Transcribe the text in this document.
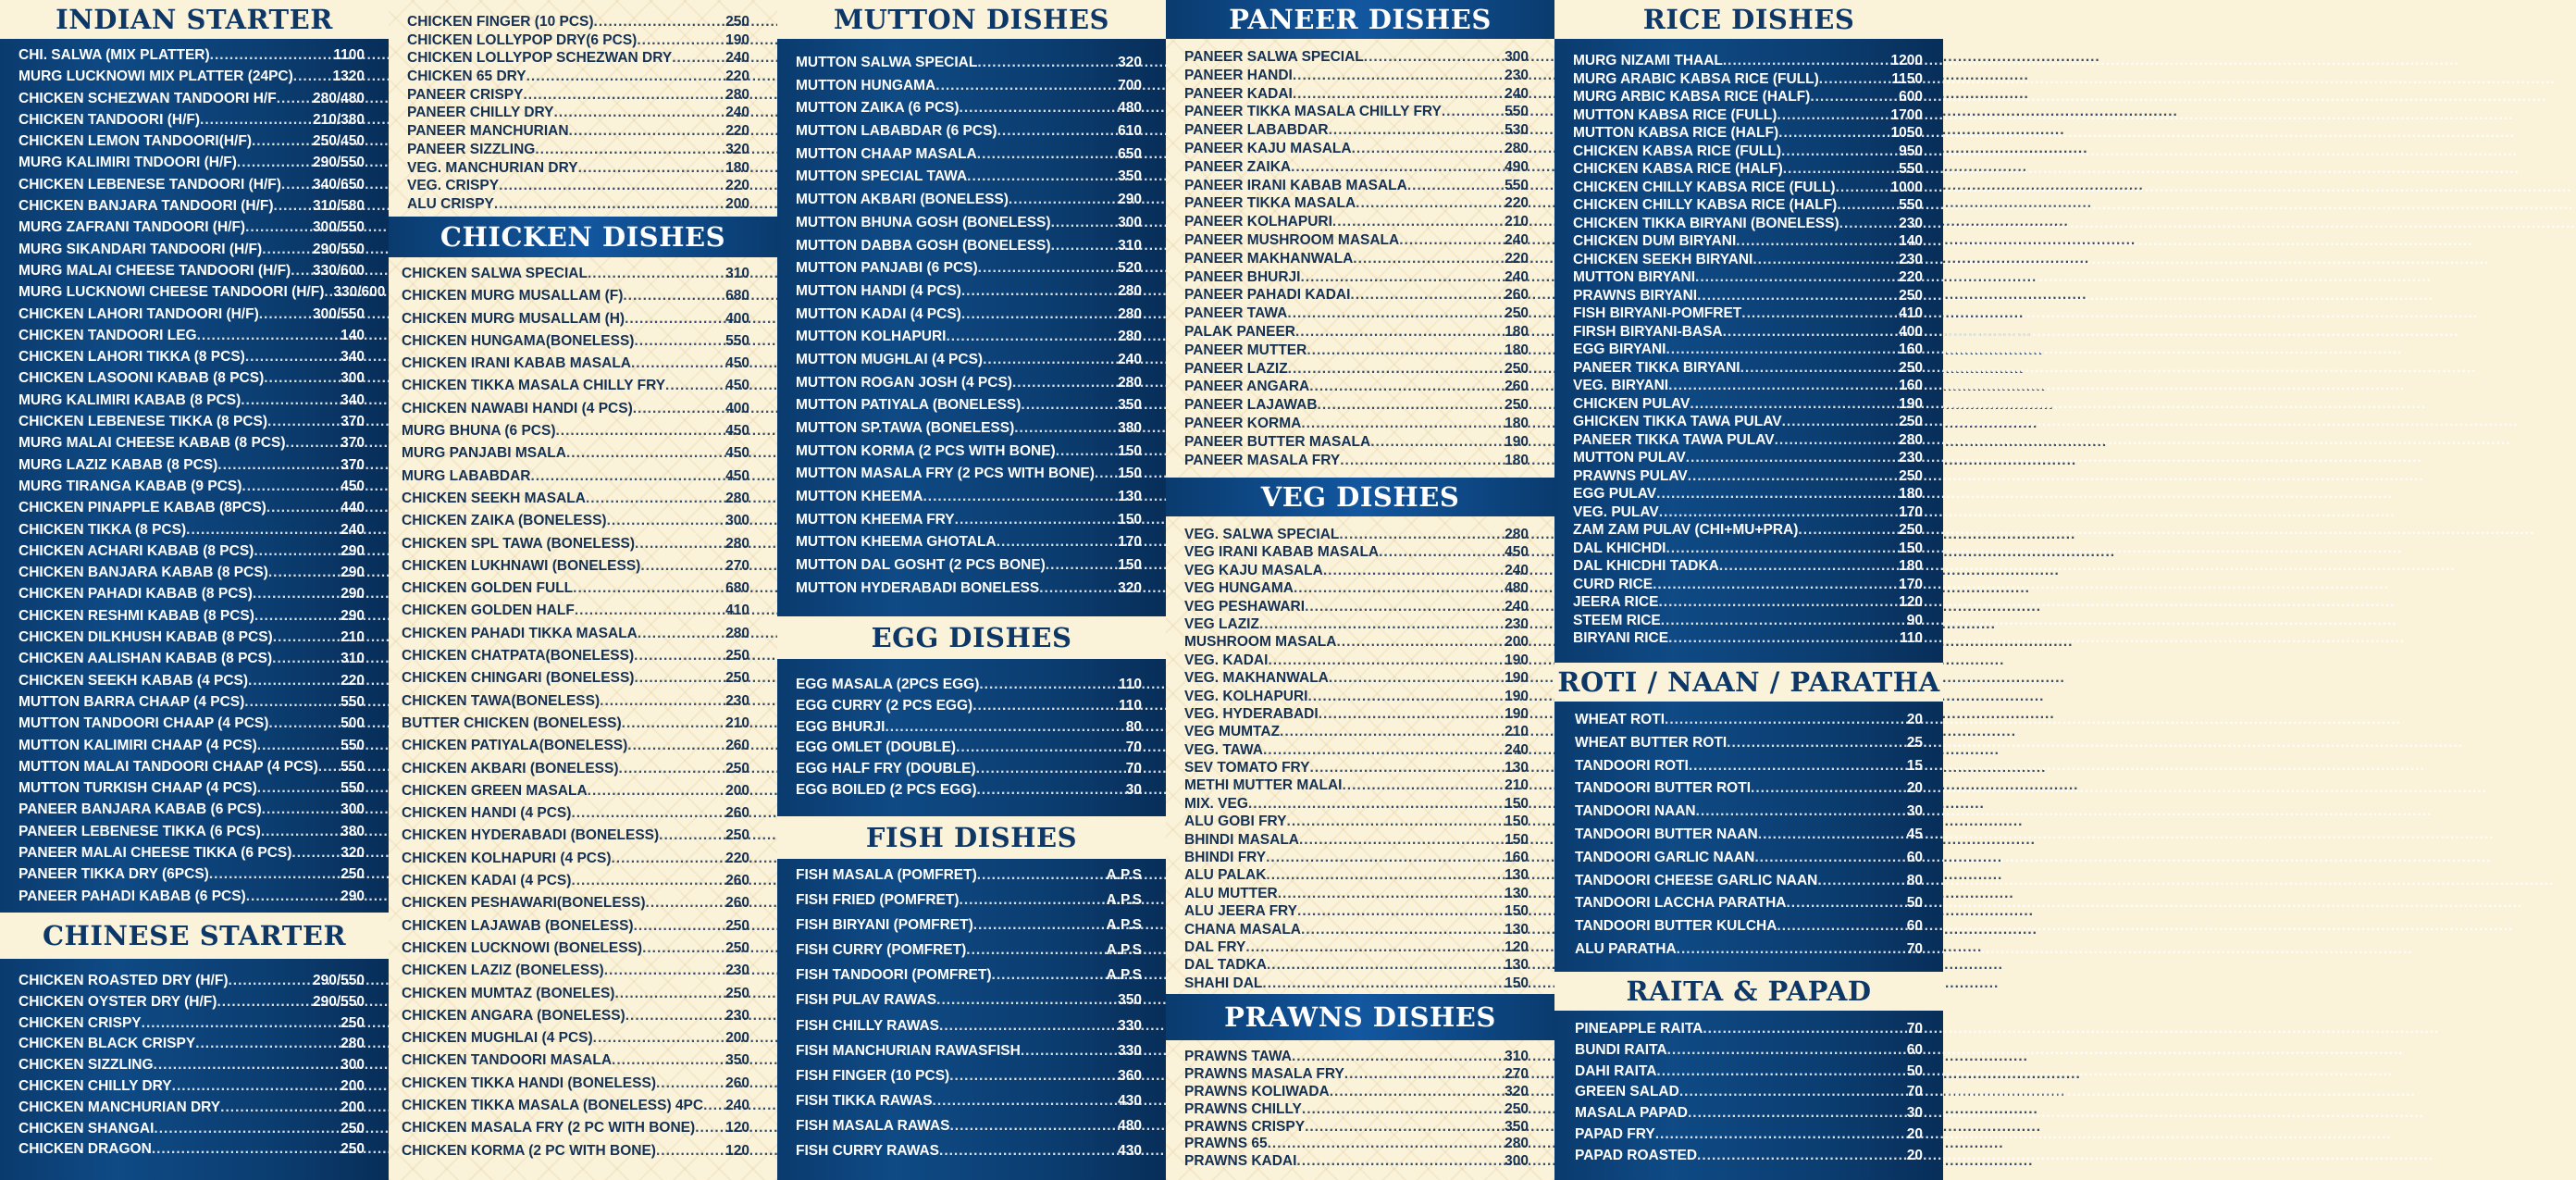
INDIAN STARTER
CHI. SALWA (MIX PLATTER) .....	1100
MURG LUCKNOWI MIX PLATTER (24PC) .....	1320
CHICKEN SCHEZWAN TANDOORI H/F .....	280/480
CHICKEN TANDOORI (H/F) .....	210/380
CHICKEN LEMON TANDOORI(H/F) .....	250/450
MURG KALIMIRI TNDOORI (H/F) .....	290/550
CHICKEN LEBENESE TANDOORI (H/F) ..... 340/650
CHICKEN BANJARA TANDOORI (H/F) .....	310/580
MURG ZAFRANI TANDOORI (H/F) .....	300/550
MURG SIKANDARI TANDOORI (H/F) .....	290/550
MURG MALAI CHEESE TANDOORI (H/F) ..... 330/600
MURG LUCKNOWI CHEESE TANDOORI (H/F) ..... 330/600
CHICKEN LAHORI TANDOORI (H/F) .....	300/550
CHICKEN TANDOORI LEG .....	140
CHICKEN LAHORI TIKKA (8 PCS) .....	340
CHICKEN LASOONI KABAB (8 PCS) .....	300
MURG KALIMIRI KABAB (8 PCS) .....	340
CHICKEN LEBENESE TIKKA (8 PCS) .....	370
MURG MALAI CHEESE KABAB (8 PCS) .....	370
MURG LAZIZ KABAB (8 PCS) .....	370
MURG TIRANGA KABAB (9 PCS) .....	450
CHICKEN PINAPPLE KABAB (8PCS) .....	440
CHICKEN TIKKA (8 PCS) .....	240
CHICKEN ACHARI KABAB (8 PCS) .....	290
CHICKEN BANJARA KABAB (8 PCS) .....	290
CHICKEN PAHADI KABAB (8 PCS) .....	290
CHICKEN RESHMI KABAB (8 PCS) .....	290
CHICKEN DILKHUSH KABAB (8 PCS) .....	210
CHICKEN AALISHAN KABAB (8 PCS) .....	310
CHICKEN SEEKH KABAB (4 PCS) .....	220
MUTTON BARRA CHAAP (4 PCS) .....	550
MUTTON TANDOORI CHAAP (4 PCS) .....	500
MUTTON KALIMIRI CHAAP (4 PCS) .....	550
MUTTON MALAI TANDOORI CHAAP (4 PCS) ..... 550
MUTTON TURKISH CHAAP (4 PCS) .....	550
PANEER BANJARA KABAB (6 PCS) .....	300
PANEER LEBENESE TIKKA (6 PCS) .....	380
PANEER MALAI CHEESE TIKKA (6 PCS) .....	320
PANEER TIKKA DRY (6PCS) .....	250
PANEER PAHADI KABAB (6 PCS) .....	290
CHINESE STARTER
CHICKEN ROASTED DRY (H/F) .....	290/550
CHICKEN OYSTER DRY (H/F) .....	290/550
CHICKEN CRISPY .....	250
CHICKEN BLACK CRISPY .....	280
CHICKEN SIZZLING .....	300
CHICKEN CHILLY DRY .....	200
CHICKEN MANCHURIAN DRY .....	200
CHICKEN SHANGAI .....	250
CHICKEN DRAGON .....	250
CHICKEN FINGER (10 PCS) .....	250
CHICKEN LOLLYPOP DRY(6 PCS) .....	190
CHICKEN LOLLYPOP SCHEZWAN DRY .....	240
CHICKEN 65 DRY .....	220
PANEER CRISPY .....	280
PANEER CHILLY DRY .....	240
PANEER MANCHURIAN .....	220
PANEER SIZZLING .....	320
VEG. MANCHURIAN DRY .....	180
VEG. CRISPY .....	220
ALU CRISPY .....	200
CHICKEN DISHES
CHICKEN SALWA SPECIAL .....	310
CHICKEN MURG MUSALLAM (F) .....	680
CHICKEN MURG MUSALLAM (H) .....	400
CHICKEN HUNGAMA(BONELESS) .....	550
CHICKEN IRANI KABAB MASALA .....	450
CHICKEN TIKKA MASALA CHILLY FRY .....	450
CHICKEN NAWABI HANDI (4 PCS) .....	400
MURG BHUNA (6 PCS) .....	450
MURG PANJABI MSALA .....	450
MURG LABABDAR .....	450
CHICKEN SEEKH MASALA .....	280
CHICKEN ZAIKA (BONELESS) .....	300
CHICKEN SPL TAWA (BONELESS) .....	280
CHICKEN LUKHNAWI (BONELESS) .....	270
CHICKEN GOLDEN FULL .....	680
CHICKEN GOLDEN HALF .....	410
CHICKEN PAHADI TIKKA MASALA .....	280
CHICKEN CHATPATA(BONELESS) .....	250
CHICKEN CHINGARI (BONELESS) .....	250
CHICKEN TAWA(BONELESS) .....	230
BUTTER CHICKEN (BONELESS) .....	210
CHICKEN PATIYALA(BONELESS) .....	260
CHICKEN AKBARI (BONELESS) .....	250
CHICKEN GREEN MASALA .....	200
CHICKEN HANDI (4 PCS) .....	260
CHICKEN HYDERABADI (BONELESS) .....	250
CHICKEN KOLHAPURI (4 PCS) .....	220
CHICKEN KADAI (4 PCS) .....	260
CHICKEN PESHAWARI(BONELESS) .....	260
CHICKEN LAJAWAB (BONELESS) .....	250
CHICKEN LUCKNOWI (BONELESS) .....	250
CHICKEN LAZIZ (BONELESS) .....	230
CHICKEN MUMTAZ (BONELES) .....	250
CHICKEN ANGARA (BONELESS) .....	230
CHICKEN MUGHLAI (4 PCS) .....	200
CHICKEN TANDOORI MASALA .....	350
CHICKEN TIKKA HANDI (BONELESS) .....	260
CHICKEN TIKKA MASALA (BONELESS) 4PC ..... 240
CHICKEN MASALA FRY (2 PC WITH BONE) ..... 120
CHICKEN KORMA (2 PC WITH BONE) .....	120
MUTTON DISHES
MUTTON SALWA SPECIAL .....	320
MUTTON HUNGAMA .....	700
MUTTON ZAIKA (6 PCS) .....	480
MUTTON LABABDAR (6 PCS) .....	610
MUTTON CHAAP MASALA .....	650
MUTTON SPECIAL TAWA .....	350
MUTTON AKBARI (BONELESS) .....	290
MUTTON BHUNA GOSH (BONELESS) .....	300
MUTTON DABBA GOSH (BONELESS) .....	310
MUTTON PANJABI (6 PCS) .....	520
MUTTON HANDI (4 PCS) .....	280
MUTTON KADAI (4 PCS) .....	280
MUTTON KOLHAPURI .....	280
MUTTON MUGHLAI (4 PCS) .....	240
MUTTON ROGAN JOSH (4 PCS) .....	280
MUTTON PATIYALA (BONELESS) .....	350
MUTTON SP.TAWA (BONELESS) .....	380
MUTTON KORMA (2 PCS WITH BONE) .....	150
MUTTON MASALA FRY (2 PCS WITH BONE) ..... 150
MUTTON KHEEMA .....	130
MUTTON KHEEMA FRY .....	150
MUTTON KHEEMA GHOTALA .....	170
MUTTON DAL GOSHT (2 PCS BONE) .....	150
MUTTON HYDERABADI BONELESS .....	320
EGG DISHES
EGG MASALA (2PCS EGG) .....	110
EGG CURRY (2 PCS EGG) .....	110
EGG BHURJI .....	80
EGG OMLET (DOUBLE) .....	70
EGG HALF FRY (DOUBLE) .....	70
EGG BOILED (2 PCS EGG) .....	30
FISH DISHES
FISH MASALA (POMFRET) .....	A.P.S
FISH FRIED (POMFRET) .....	A.P.S
FISH BIRYANI (POMFRET) .....	A.P.S
FISH CURRY (POMFRET) .....	A.P.S
FISH TANDOORI (POMFRET) .....	A.P.S
FISH PULAV RAWAS .....	350
FISH CHILLY RAWAS .....	330
FISH MANCHURIAN RAWASFISH .....	330
FISH FINGER (10 PCS) .....	360
FISH TIKKA RAWAS .....	430
FISH MASALA RAWAS .....	480
FISH CURRY RAWAS .....	430
PANEER DISHES
PANEER SALWA SPECIAL .....	300
PANEER HANDI .....	230
PANEER KADAI .....	240
PANEER TIKKA MASALA CHILLY FRY .....	550
PANEER LABABDAR .....	530
PANEER KAJU MASALA .....	280
PANEER ZAIKA .....	490
PANEER IRANI KABAB MASALA .....	550
PANEER TIKKA MASALA .....	220
PANEER KOLHAPURI .....	210
PANEER MUSHROOM MASALA .....	240
PANEER MAKHANWALA .....	220
PANEER BHURJI .....	240
PANEER PAHADI KADAI .....	260
PANEER TAWA .....	250
PALAK PANEER .....	180
PANEER MUTTER .....	180
PANEER LAZIZ .....	250
PANEER ANGARA .....	260
PANEER LAJAWAB .....	250
PANEER KORMA .....	180
PANEER BUTTER MASALA .....	190
PANEER MASALA FRY .....	180
VEG DISHES
VEG. SALWA SPECIAL .....	280
VEG IRANI KABAB MASALA .....	450
VEG KAJU MASALA .....	240
VEG HUNGAMA .....	480
VEG PESHAWARI .....	240
VEG LAZIZ .....	230
MUSHROOM MASALA .....	200
VEG. KADAI .....	190
VEG. MAKHANWALA .....	190
VEG. KOLHAPURI .....	190
VEG. HYDERABADI .....	190
VEG MUMTAZ .....	210
VEG. TAWA .....	240
SEV TOMATO FRY .....	130
METHI MUTTER MALAI .....	210
MIX. VEG .....	150
ALU GOBI FRY .....	150
BHINDI MASALA .....	150
BHINDI FRY .....	160
ALU PALAK .....	130
ALU MUTTER .....	130
ALU JEERA FRY .....	150
CHANA MASALA .....	130
DAL FRY .....	120
DAL TADKA .....	130
SHAHI DAL .....	150
PRAWNS DISHES
PRAWNS TAWA .....	310
PRAWNS MASALA FRY .....	270
PRAWNS KOLIWADA .....	320
PRAWNS CHILLY .....	250
PRAWNS CRISPY .....	350
PRAWNS 65 .....	280
PRAWNS KADAI .....	300
RICE DISHES
MURG NIZAMI THAAL .....	1200
MURG ARABIC KABSA RICE (FULL) .....	1150
MURG ARBIC KABSA RICE (HALF) .....	600
MUTTON KABSA RICE (FULL) .....	1700
MUTTON KABSA RICE (HALF) .....	1050
CHICKEN KABSA RICE (FULL) .....	950
CHICKEN KABSA RICE (HALF) .....	550
CHICKEN CHILLY KABSA RICE (FULL) .....	1000
CHICKEN CHILLY KABSA RICE (HALF) .....	550
CHICKEN TIKKA BIRYANI (BONELESS) .....	230
CHICKEN DUM BIRYANI .....	140
CHICKEN SEEKH BIRYANI .....	230
MUTTON BIRYANI .....	220
PRAWNS BIRYANI .....	250
FISH BIRYANI-POMFRET .....	410
FIRSH BIRYANI-BASA .....	400
EGG BIRYANI .....	160
PANEER TIKKA BIRYANI .....	250
VEG. BIRYANI .....	160
CHICKEN PULAV .....	190
GHICKEN TIKKA TAWA PULAV .....	250
PANEER TIKKA TAWA PULAV .....	280
MUTTON PULAV .....	230
PRAWNS PULAV .....	250
EGG PULAV .....	180
VEG. PULAV .....	170
ZAM ZAM PULAV (CHI+MU+PRA) .....	250
DAL KHICHDI .....	150
DAL KHICDHI TADKA .....	180
CURD RICE .....	170
JEERA RICE .....	120
STEEM RICE .....	90
BIRYANI RICE .....	110
ROTI / NAAN / PARATHA
WHEAT ROTI .....	20
WHEAT BUTTER ROTI .....	25
TANDOORI ROTI .....	15
TANDOORI BUTTER ROTI .....	20
TANDOORI NAAN .....	30
TANDOORI BUTTER NAAN .....	45
TANDOORI GARLIC NAAN .....	60
TANDOORI CHEESE GARLIC NAAN .....	80
TANDOORI LACCHA PARATHA .....	50
TANDOORI BUTTER KULCHA .....	60
ALU PARATHA .....	70
RAITA & PAPAD
PINEAPPLE RAITA .....	70
BUNDI RAITA .....	60
DAHI RAITA .....	50
GREEN SALAD .....	70
MASALA PAPAD .....	30
PAPAD FRY .....	20
PAPAD ROASTED .....	20
